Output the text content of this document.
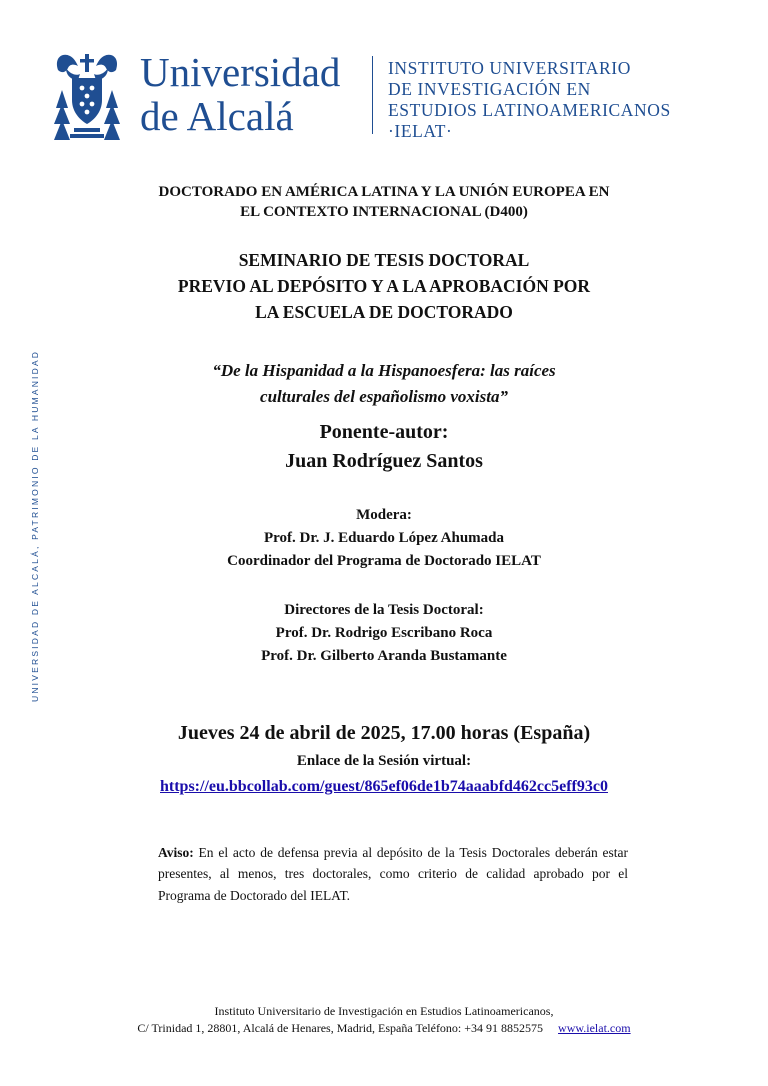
Universidad
de Alcalá
INSTITUTO UNIVERSITARIO
DE INVESTIGACIÓN EN
ESTUDIOS LATINOAMERICANOS
·IELAT·
UNIVERSIDAD DE ALCALÁ, PATRIMONIO DE LA HUMANIDAD
DOCTORADO EN AMÉRICA LATINA Y LA UNIÓN EUROPEA EN
EL CONTEXTO INTERNACIONAL (D400)
SEMINARIO DE TESIS DOCTORAL
PREVIO AL DEPÓSITO Y A LA APROBACIÓN POR
LA ESCUELA DE DOCTORADO
“De la Hispanidad a la Hispanoesfera: las raíces
culturales del españolismo voxista”
Ponente-autor:
Juan Rodríguez Santos
Modera:
Prof. Dr. J. Eduardo López Ahumada
Coordinador del Programa de Doctorado IELAT
Directores de la Tesis Doctoral:
Prof. Dr. Rodrigo Escribano Roca
Prof. Dr. Gilberto Aranda Bustamante
Jueves 24 de abril de 2025, 17.00 horas (España)
Enlace de la Sesión virtual:
https://eu.bbcollab.com/guest/865ef06de1b74aaabfd462cc5eff93c0
Aviso: En el acto de defensa previa al depósito de la Tesis Doctorales deberán estar presentes, al menos, tres doctorales, como criterio de calidad aprobado por el Programa de Doctorado del IELAT.
Instituto Universitario de Investigación en Estudios Latinoamericanos,
C/ Trinidad 1, 28801, Alcalá de Henares, Madrid, España Teléfono: +34 91 8852575 www.ielat.com
